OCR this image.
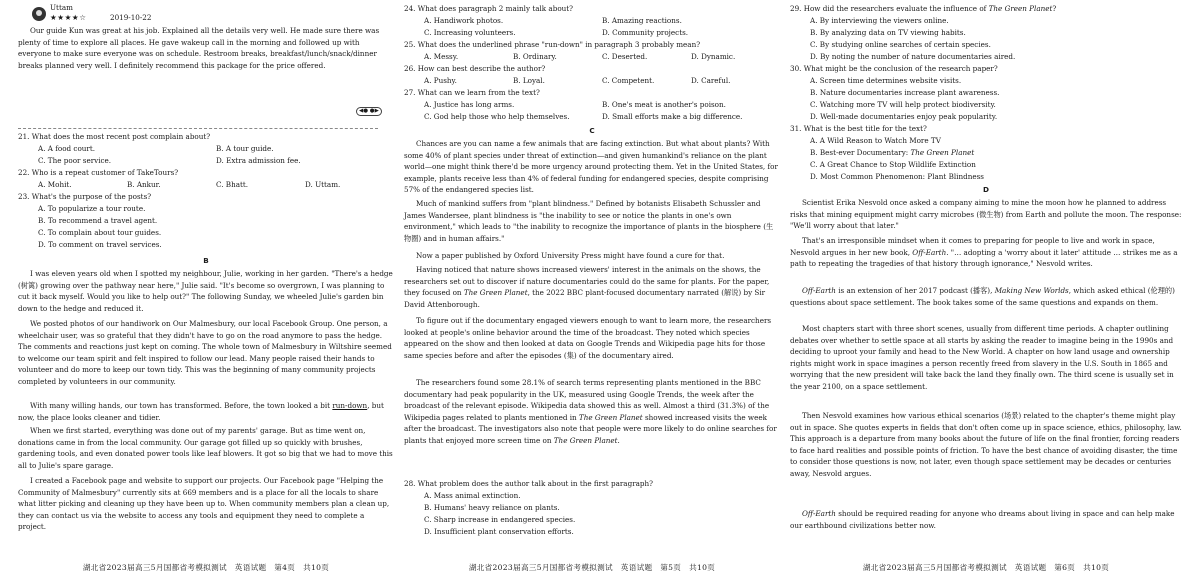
Uttam
★★★★☆	2019-10-22
Our guide Kun was great at his job. Explained all the details very well. He made sure there was plenty of time to explore all places. He gave wakeup call in the morning and followed up with everyone to make sure everyone was on schedule. Restroom breaks, breakfast/lunch/snack/dinner breaks planned very well. I definitely recommend this package for the price offered.
◀● ●▶
21. What does the most recent post complain about?
A. A food court.	B. A tour guide.
C. The poor service.	D. Extra admission fee.
22. Who is a repeat customer of TakeTours?
A. Mohit.	B. Ankur.	C. Bhatt.	D. Uttam.
23. What's the purpose of the posts?
A. To popularize a tour route.
B. To recommend a travel agent.
C. To complain about tour guides.
D. To comment on travel services.
B
I was eleven years old when I spotted my neighbour, Julie, working in her garden. "There's a hedge (树篱) growing over the pathway near here," Julie said. "It's become so overgrown, I was planning to cut it back myself. Would you like to help out?" The following Sunday, we wheeled Julie's garden bin down to the hedge and reduced it.
We posted photos of our handiwork on Our Malmesbury, our local Facebook Group. One person, a wheelchair user, was so grateful that they didn't have to go on the road anymore to pass the hedge. The comments and reactions just kept on coming. The whole town of Malmesbury in Wiltshire seemed to welcome our team spirit and felt inspired to follow our lead. Many people raised their hands to volunteer and do more to keep our town tidy. This was the beginning of many community projects completed by volunteers in our community.
With many willing hands, our town has transformed. Before, the town looked a bit run-down, but now, the place looks cleaner and tidier.
When we first started, everything was done out of my parents' garage. But as time went on, donations came in from the local community. Our garage got filled up so quickly with brushes, gardening tools, and even donated power tools like leaf blowers. It got so big that we had to move this all to Julie's spare garage.
I created a Facebook page and website to support our projects. Our Facebook page "Helping the Community of Malmesbury" currently sits at 669 members and is a place for all the locals to share what litter picking and cleaning up they have been up to. When community members plan a clean up, they can contact us via the website to access any tools and equipment they need to complete a project.
湖北省2023届高三5月国都省考模拟测试　英语试题　第4页　共10页
24. What does paragraph 2 mainly talk about?
A. Handiwork photos.	B. Amazing reactions.
C. Increasing volunteers.	D. Community projects.
25. What does the underlined phrase "run-down" in paragraph 3 probably mean?
A. Messy.	B. Ordinary.	C. Deserted.	D. Dynamic.
26. How can best describe the author?
A. Pushy.	B. Loyal.	C. Competent.	D. Careful.
27. What can we learn from the text?
A. Justice has long arms.	B. One's meat is another's poison.
C. God help those who help themselves.	D. Small efforts make a big difference.
C
Chances are you can name a few animals that are facing extinction. But what about plants? With some 40% of plant species under threat of extinction—and given humankind's reliance on the plant world—one might think there'd be more urgency around protecting them. Yet in the United States, for example, plants receive less than 4% of federal funding for endangered species, despite comprising 57% of the endangered species list.
Much of mankind suffers from "plant blindness." Defined by botanists Elisabeth Schussler and James Wandersee, plant blindness is "the inability to see or notice the plants in one's own environment," which leads to "the inability to recognize the importance of plants in the biosphere (生物圈) and in human affairs."
Now a paper published by Oxford University Press might have found a cure for that.
Having noticed that nature shows increased viewers' interest in the animals on the shows, the researchers set out to discover if nature documentaries could do the same for plants. For the paper, they focused on The Green Planet, the 2022 BBC plant-focused documentary narrated (解说) by Sir David Attenborough.
To figure out if the documentary engaged viewers enough to want to learn more, the researchers looked at people's online behavior around the time of the broadcast. They noted which species appeared on the show and then looked at data on Google Trends and Wikipedia page hits for those same species before and after the episodes (集) of the documentary aired.
The researchers found some 28.1% of search terms representing plants mentioned in the BBC documentary had peak popularity in the UK, measured using Google Trends, the week after the broadcast of the relevant episode. Wikipedia data showed this as well. Almost a third (31.3%) of the Wikipedia pages related to plants mentioned in The Green Planet showed increased visits the week after the broadcast. The investigators also note that people were more likely to do online searches for plants that enjoyed more screen time on The Green Planet.
28. What problem does the author talk about in the first paragraph?
A. Mass animal extinction.
B. Humans' heavy reliance on plants.
C. Sharp increase in endangered species.
D. Insufficient plant conservation efforts.
湖北省2023届高三5月国都省考模拟测试　英语试题　第5页　共10页
29. How did the researchers evaluate the influence of The Green Planet?
A. By interviewing the viewers online.
B. By analyzing data on TV viewing habits.
C. By studying online searches of certain species.
D. By noting the number of nature documentaries aired.
30. What might be the conclusion of the research paper?
A. Screen time determines website visits.
B. Nature documentaries increase plant awareness.
C. Watching more TV will help protect biodiversity.
D. Well-made documentaries enjoy peak popularity.
31. What is the best title for the text?
A. A Wild Reason to Watch More TV
B. Best-ever Documentary: The Green Planet
C. A Great Chance to Stop Wildlife Extinction
D. Most Common Phenomenon: Plant Blindness
D
Scientist Erika Nesvold once asked a company aiming to mine the moon how he planned to address risks that mining equipment might carry microbes (微生物) from Earth and pollute the moon. The response: "We'll worry about that later."
That's an irresponsible mindset when it comes to preparing for people to live and work in space, Nesvold argues in her new book, Off-Earth. "… adopting a 'worry about it later' attitude … strikes me as a path to repeating the tragedies of that history through ignorance," Nesvold writes.
Off-Earth is an extension of her 2017 podcast (播客), Making New Worlds, which asked ethical (伦理的) questions about space settlement. The book takes some of the same questions and expands on them.
Most chapters start with three short scenes, usually from different time periods. A chapter outlining debates over whether to settle space at all starts by asking the reader to imagine being in the 1990s and deciding to uproot your family and head to the New World. A chapter on how land usage and ownership rights might work in space imagines a person recently freed from slavery in the U.S. South in 1865 and worrying that the new president will take back the land they finally own. The third scene is usually set in the year 2100, on a space settlement.
Then Nesvold examines how various ethical scenarios (场景) related to the chapter's theme might play out in space. She quotes experts in fields that don't often come up in space science, ethics, philosophy, law. This approach is a departure from many books about the future of life on the final frontier, forcing readers to face hard realities and possible points of friction. To have the best chance of avoiding disaster, the time to consider those questions is now, not later, even though space settlement may be decades or centuries away, Nesvold argues.
Off-Earth should be required reading for anyone who dreams about living in space and can help make our earthbound civilizations better now.
湖北省2023届高三5月国都省考模拟测试　英语试题　第6页　共10页
